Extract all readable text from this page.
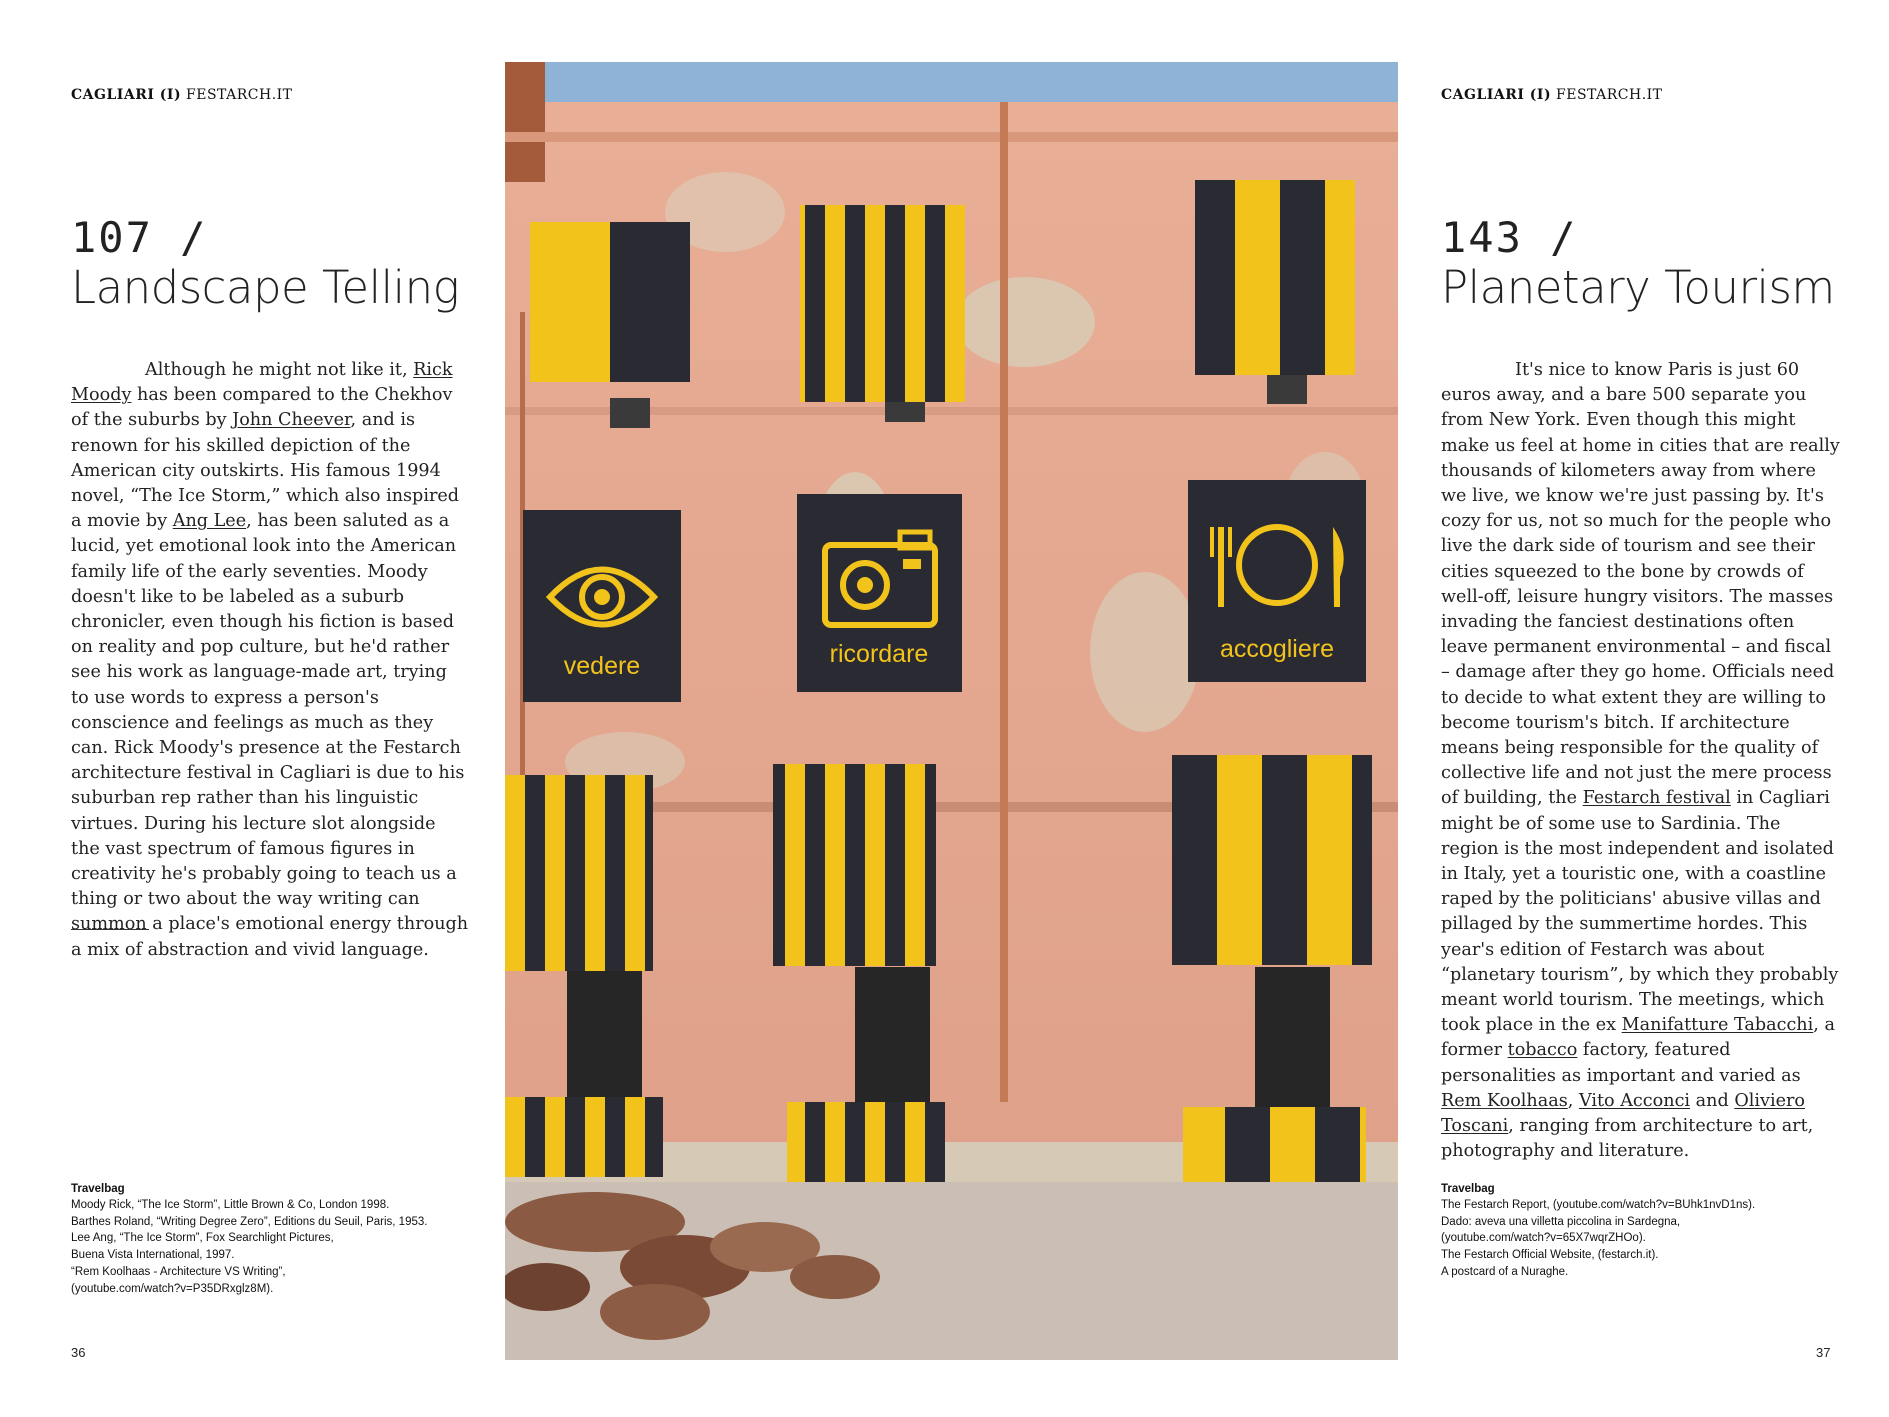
CAGLIARI (I) FESTARCH.IT
107 /
Landscape Telling

Although he might not like it, Rick Moody has been compared to the Chekhov of the suburbs by John Cheever, and is renown for his skilled depiction of the American city outskirts. His famous 1994 novel, “The Ice Storm,” which also inspired a movie by Ang Lee, has been saluted as a lucid, yet emotional look into the American family life of the early seventies. Moody doesn't like to be labeled as a suburb chronicler, even though his fiction is based on reality and pop culture, but he'd rather see his work as language-made art, trying to use words to express a person's conscience and feelings as much as they can. Rick Moody's presence at the Festarch architecture festival in Cagliari is due to his suburban rep rather than his linguistic virtues. During his lecture slot alongside the vast spectrum of famous figures in creativity he's probably going to teach us a thing or two about the way writing can summon a place's emotional energy through a mix of abstraction and vivid language.

Travelbag
Moody Rick, “The Ice Storm”, Little Brown & Co, London 1998.
Barthes Roland, “Writing Degree Zero”, Editions du Seuil, Paris, 1953.
Lee Ang, “The Ice Storm”, Fox Searchlight Pictures,
Buena Vista International, 1997.
“Rem Koolhaas - Architecture VS Writing”,
(youtube.com/watch?v=P35DRxglz8M).
36
vedere	ricordare	accogliere
CAGLIARI (I) FESTARCH.IT
143 /
Planetary Tourism

It's nice to know Paris is just 60 euros away, and a bare 500 separate you from New York. Even though this might make us feel at home in cities that are really thousands of kilometers away from where we live, we know we're just passing by. It's cozy for us, not so much for the people who live the dark side of tourism and see their cities squeezed to the bone by crowds of well-off, leisure hungry visitors. The masses invading the fanciest destinations often leave permanent environmental – and fiscal – damage after they go home. Officials need to decide to what extent they are willing to become tourism's bitch. If architecture means being responsible for the quality of collective life and not just the mere process of building, the Festarch festival in Cagliari might be of some use to Sardinia. The region is the most independent and isolated in Italy, yet a touristic one, with a coastline raped by the politicians' abusive villas and pillaged by the summertime hordes. This year's edition of Festarch was about “planetary tourism”, by which they probably meant world tourism. The meetings, which took place in the ex Manifatture Tabacchi, a former tobacco factory, featured personalities as important and varied as Rem Koolhaas, Vito Acconci and Oliviero Toscani, ranging from architecture to art, photography and literature.

Travelbag
The Festarch Report, (youtube.com/watch?v=BUhk1nvD1ns).
Dado: aveva una villetta piccolina in Sardegna,
(youtube.com/watch?v=65X7wqrZHOo).
The Festarch Official Website, (festarch.it).
A postcard of a Nuraghe.
37
